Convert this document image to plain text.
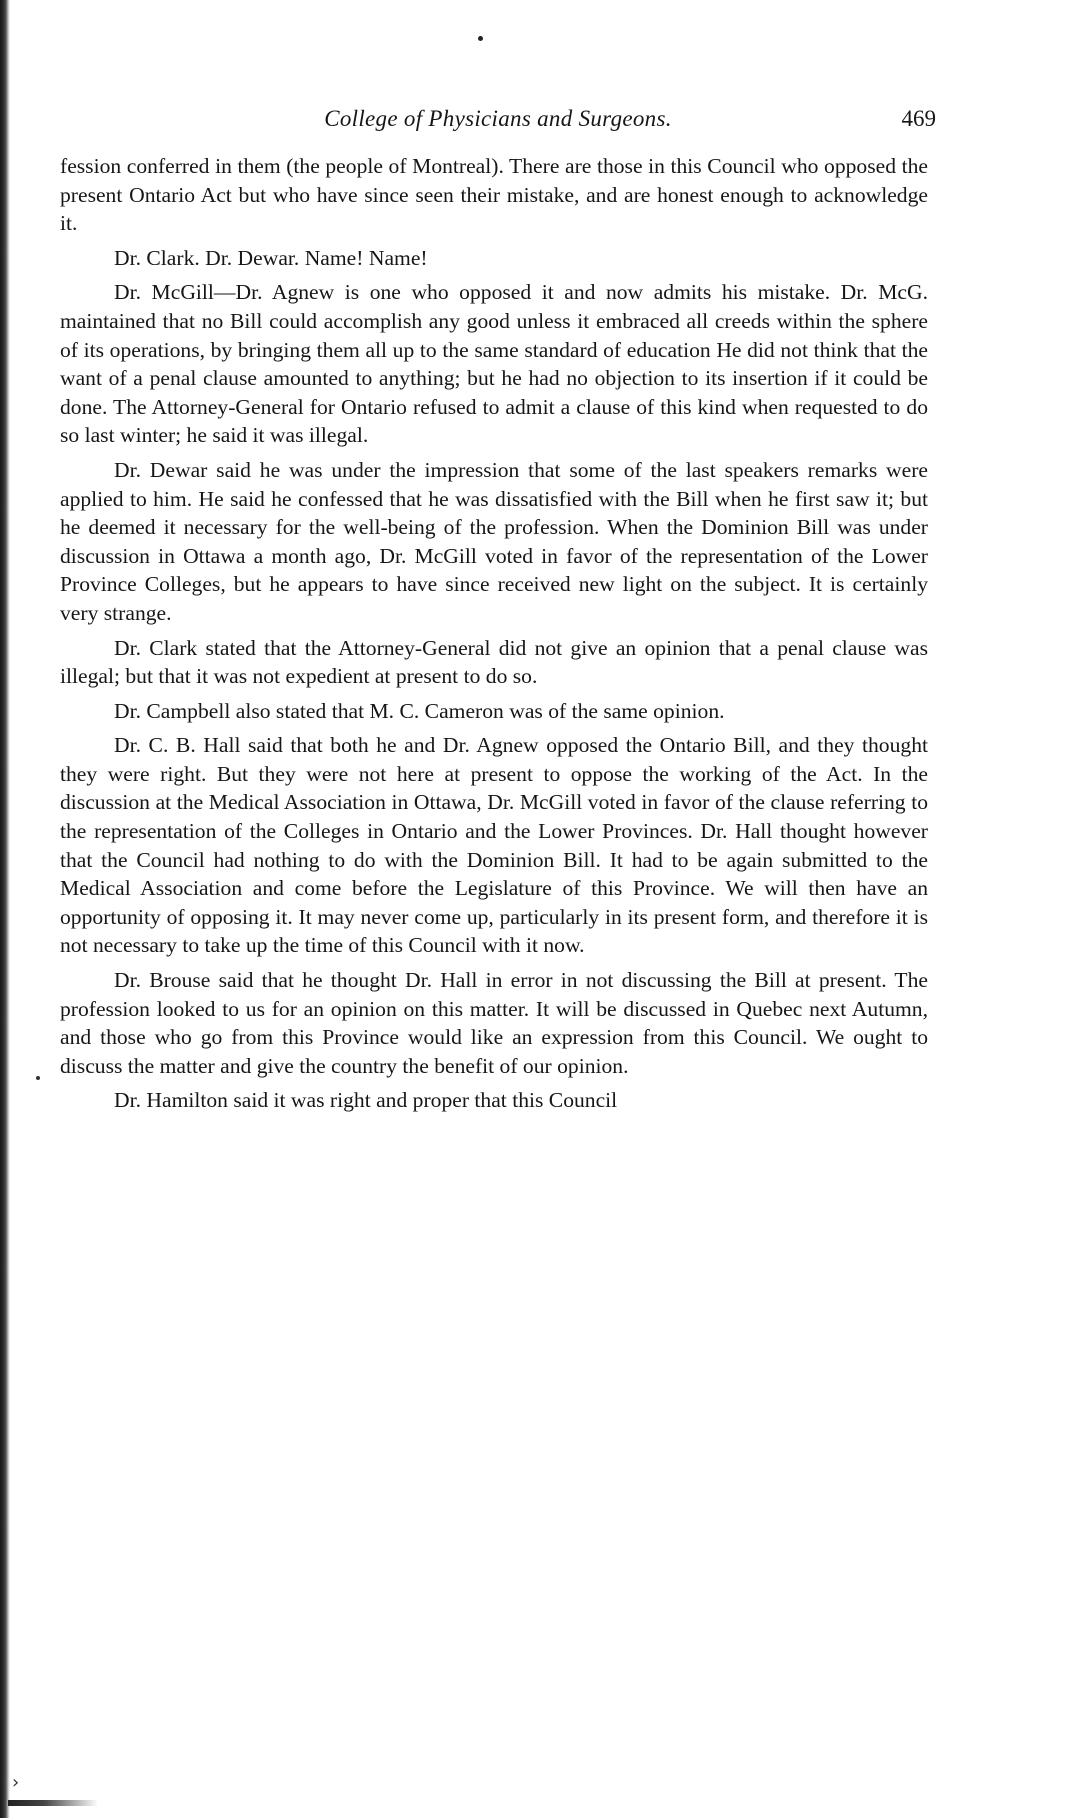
›
College of Physicians and Surgeons.	469

fession conferred in them (the people of Montreal). There are those in this Council who opposed the present Ontario Act but who have since seen their mistake, and are honest enough to acknowledge it.

Dr. Clark. Dr. Dewar. Name! Name!

Dr. McGill—Dr. Agnew is one who opposed it and now admits his mistake. Dr. McG. maintained that no Bill could accomplish any good unless it embraced all creeds within the sphere of its operations, by bringing them all up to the same standard of education He did not think that the want of a penal clause amounted to anything; but he had no objection to its insertion if it could be done. The Attorney-General for Ontario refused to admit a clause of this kind when requested to do so last winter; he said it was illegal.

Dr. Dewar said he was under the impression that some of the last speakers remarks were applied to him. He said he confessed that he was dissatisfied with the Bill when he first saw it; but he deemed it necessary for the well-being of the profession. When the Dominion Bill was under discussion in Ottawa a month ago, Dr. McGill voted in favor of the representation of the Lower Province Colleges, but he appears to have since received new light on the subject. It is certainly very strange.

Dr. Clark stated that the Attorney-General did not give an opinion that a penal clause was illegal; but that it was not expedient at present to do so.

Dr. Campbell also stated that M. C. Cameron was of the same opinion.

Dr. C. B. Hall said that both he and Dr. Agnew opposed the Ontario Bill, and they thought they were right. But they were not here at present to oppose the working of the Act. In the discussion at the Medical Association in Ottawa, Dr. McGill voted in favor of the clause referring to the representation of the Colleges in Ontario and the Lower Provinces. Dr. Hall thought however that the Council had nothing to do with the Dominion Bill. It had to be again submitted to the Medical Association and come before the Legislature of this Province. We will then have an opportunity of opposing it. It may never come up, particularly in its present form, and therefore it is not necessary to take up the time of this Council with it now.

Dr. Brouse said that he thought Dr. Hall in error in not discussing the Bill at present. The profession looked to us for an opinion on this matter. It will be discussed in Quebec next Autumn, and those who go from this Province would like an expression from this Council. We ought to discuss the matter and give the country the benefit of our opinion.

Dr. Hamilton said it was right and proper that this Council
